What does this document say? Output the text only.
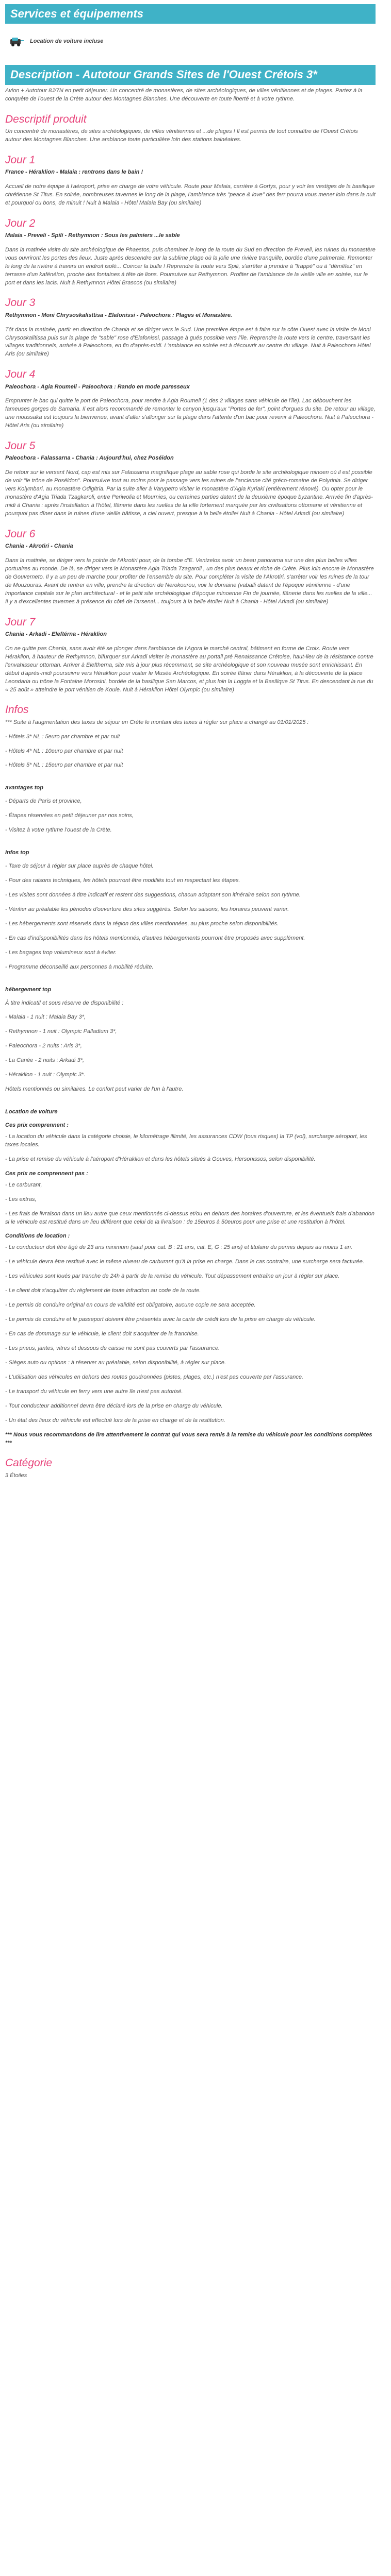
Services et équipements
Location de voiture incluse
Description - Autotour Grands Sites de l'Ouest Crétois 3*

Avion + Autotour 8J/7N en petit déjeuner. Un concentré de monastères, de sites archéologiques, de villes vénitiennes et de plages. Partez à la conquête de l'ouest de la Crète autour des Montagnes Blanches. Une découverte en toute liberté et à votre rythme.

Descriptif produit

Un concentré de monastères, de sites archéologiques, de villes vénitiennes et ...de plages ! Il est permis de tout connaître de l'Ouest Crétois autour des Montagnes Blanches. Une ambiance toute particulière loin des stations balnéaires.

Jour 1

France - Héraklion - Malaia : rentrons dans le bain !

Accueil de notre équipe à l'aéroport, prise en charge de votre véhicule. Route pour Malaia, carrière à Gortys, pour y voir les vestiges de la basilique chrétienne St Titus. En soirée, nombreuses tavernes le long de la plage, l'ambiance très "peace & love" des ferr pourra vous mener loin dans la nuit et pourquoi ou bons, de minuit ! Nuit à Malaia - Hôtel Malaia Bay (ou similaire)

Jour 2

Malaia - Preveli - Spili - Rethymnon : Sous les palmiers ...le sable

Dans la matinée visite du site archéologique de Phaestos, puis cheminer le long de la route du Sud en direction de Preveli, les ruines du monastère vous ouvriront les portes des lieux. Juste après descendre sur la sublime plage où la jolie une rivière tranquille, bordée d'une palmeraie. Remonter le long de la rivière à travers un endroit isolé... Coincer la bulle ! Reprendre la route vers Spili, s'arrêter à prendre à "frappé" ou à "démêlez" en terrasse d'un kafénéion, proche des fontaines à tête de lions. Poursuivre sur Rethymnon. Profiter de l'ambiance de la vieille ville en soirée, sur le port et dans les lacis. Nuit à Rethymnon Hôtel Brascos (ou similaire)

Jour 3

Rethymnon - Moni Chrysoskalisttisa - Elafonissi - Paleochora : Plages et Monastère.

Tôt dans la matinée, partir en direction de Chania et se diriger vers le Sud. Une première étape est à faire sur la côte Ouest avec la visite de Moni Chrysoskalitissa puis sur la plage de "sable" rose d'Elafonissi, passage à gués possible vers l'île. Reprendre la route vers le centre, traversant les villages traditionnels, arrivée à Paleochora, en fin d'après-midi. L'ambiance en soirée est à découvrir au centre du village. Nuit à Paleochora Hôtel Aris (ou similaire)

Jour 4

Paleochora - Agia Roumeli - Paleochora : Rando en mode paresseux

Emprunter le bac qui quitte le port de Paleochora, pour rendre à Agia Roumeli (1 des 2 villages sans véhicule de l'île). Lac débouchent les fameuses gorges de Samaria. Il est alors recommandé de remonter le canyon jusqu'aux "Portes de fer", point d'orgues du site. De retour au village, une moussaka est toujours la bienvenue, avant d'aller s'allonger sur la plage dans l'attente d'un bac pour revenir à Paleochora. Nuit à Paleochora - Hôtel Aris (ou similaire)

Jour 5

Paleochora - Falassarna - Chania : Aujourd'hui, chez Poséidon

De retour sur le versant Nord, cap est mis sur Falassarna magnifique plage au sable rose qui borde le site archéologique minoen où il est possible de voir "le trône de Poséidon". Poursuivre tout au moins pour le passage vers les ruines de l'ancienne cité gréco-romaine de Polyrinia. Se diriger vers Kolymbari, au monastère Odigitria. Par la suite aller à Varypetro visiter le monastère d'Agia Kyriaki (entièrement rénové). Ou opter pour le monastère d'Agia Triada Tzagkaroli, entre Periwolia et Mournies, ou certaines parties datent de la deuxième époque byzantine. Arrivée fin d'après-midi à Chania : après l'installation à l'hôtel, flânerie dans les ruelles de la ville fortement marquée par les civilisations ottomane et vénitienne et pourquoi pas dîner dans le ruines d'une vieille bâtisse, a ciel ouvert, presque à la belle étoile! Nuit à Chania - Hôtel Arkadi (ou similaire)

Jour 6

Chania - Akrotiri - Chania

Dans la matinée, se diriger vers la pointe de l'Akrotiri pour, de la tombe d'E. Venizelos avoir un beau panorama sur une des plus belles villes portuaires au monde. De là, se diriger vers le Monastère Agia Triada Tzagaroli , un des plus beaux et riche de Crète. Plus loin encore le Monastère de Gouverneto. Il y a un peu de marche pour profiter de l'ensemble du site. Pour compléter la visite de l'Akrotiri, s'arrêter voir les ruines de la tour de Mouzouras. Avant de rentrer en ville, prendre la direction de Nerokourou, voir le domaine (vaballi datant de l'époque vénitienne - d'une importance capitale sur le plan architectural - et le petit site archéologique d'époque minoenne Fin de journée, flânerie dans les ruelles de la ville... Il y a d'excellentes tavernes à présence du côté de l'arsenal... toujours à la belle étoile! Nuit à Chania - Hôtel Arkadi (ou similaire)

Jour 7

Chania - Arkadi - Eleftérna - Héraklion

On ne quitte pas Chania, sans avoir été se plonger dans l'ambiance de l'Agora le marché central, bâtiment en forme de Croix. Route vers Héraklion, à hauteur de Rethymnon, bifurquer sur Arkadi visiter le monastère au portail pré Renaissance Crétoise, haut-lieu de la résistance contre l'envahisseur ottoman. Arriver à Eleftherna, site mis à jour plus récemment, se site archéologique et son nouveau musée sont enrichissant. En début d'après-midi poursuivre vers Héraklion pour visiter le Musée Archéologique. En soirée flâner dans Héraklion, à la découverte de la place Leondaria ou trône la Fontaine Morosini, bordée de la basilique San Marcos, et plus loin la Loggia et la Basilique St Titus. En descendant la rue du « 25 août » atteindre le port vénitien de Koule. Nuit à Héraklion Hôtel Olympic (ou similaire)

Infos

*** Suite à l'augmentation des taxes de séjour en Crète le montant des taxes à régler sur place a changé au 01/01/2025 :

- Hôtels 3* NL : 5euro par chambre et par nuit

- Hôtels 4* NL : 10euro par chambre et par nuit

- Hôtels 5* NL : 15euro par chambre et par nuit

avantages top

- Départs de Paris et province,

- Étapes réservées en petit déjeuner par nos soins,

- Visitez à votre rythme l'ouest de la Crète.

Infos top

- Taxe de séjour à régler sur place auprès de chaque hôtel.

- Pour des raisons techniques, les hôtels pourront être modifiés tout en respectant les étapes.

- Les visites sont données à titre indicatif et restent des suggestions, chacun adaptant son itinéraire selon son rythme.

- Vérifier au préalable les périodes d'ouverture des sites suggérés. Selon les saisons, les horaires peuvent varier.

- Les hébergements sont réservés dans la région des villes mentionnées, au plus proche selon disponibilités.

- En cas d'indisponibilités dans les hôtels mentionnés, d'autres hébergements pourront être proposés avec supplément.

- Les bagages trop volumineux sont à éviter.

- Programme déconseillé aux personnes à mobilité réduite.

hébergement top

À titre indicatif et sous réserve de disponibilité :

- Malaia - 1 nuit : Malaia Bay 3*,

- Rethymnon - 1 nuit : Olympic Palladium 3*,

- Paleochora - 2 nuits : Aris 3*,

- La Canée - 2 nuits : Arkadi 3*,

- Héraklion - 1 nuit : Olympic 3*.

Hôtels mentionnés ou similaires. Le confort peut varier de l'un à l'autre.

Location de voiture

Ces prix comprennent :

- La location du véhicule dans la catégorie choisie, le kilométrage illimité, les assurances CDW (tous risques) la TP (vol), surcharge aéroport, les taxes locales.

- La prise et remise du véhicule à l'aéroport d'Héraklion et dans les hôtels situés à Gouves, Hersonissos, selon disponibilité.

Ces prix ne comprennent pas :

- Le carburant,

- Les extras,

- Les frais de livraison dans un lieu autre que ceux mentionnés ci-dessus et/ou en dehors des horaires d'ouverture, et les éventuels frais d'abandon si le véhicule est restitué dans un lieu différent que celui de la livraison : de 15euros à 50euros pour une prise et une restitution à l'hôtel.

Conditions de location :

- Le conducteur doit être âgé de 23 ans minimum (sauf pour cat. B : 21 ans, cat. E, G : 25 ans) et titulaire du permis depuis au moins 1 an.

- Le véhicule devra être restitué avec le même niveau de carburant qu'à la prise en charge. Dans le cas contraire, une surcharge sera facturée.

- Les véhicules sont loués par tranche de 24h à partir de la remise du véhicule. Tout dépassement entraîne un jour à régler sur place.

- Le client doit s'acquitter du règlement de toute infraction au code de la route.

- Le permis de conduire original en cours de validité est obligatoire, aucune copie ne sera acceptée.

- Le permis de conduire et le passeport doivent être présentés avec la carte de crédit lors de la prise en charge du véhicule.

- En cas de dommage sur le véhicule, le client doit s'acquitter de la franchise.

- Les pneus, jantes, vitres et dessous de caisse ne sont pas couverts par l'assurance.

- Sièges auto ou options : à réserver au préalable, selon disponibilité, à régler sur place.

- L'utilisation des véhicules en dehors des routes goudronnées (pistes, plages, etc.) n'est pas couverte par l'assurance.

- Le transport du véhicule en ferry vers une autre île n'est pas autorisé.

- Tout conducteur additionnel devra être déclaré lors de la prise en charge du véhicule.

- Un état des lieux du véhicule est effectué lors de la prise en charge et de la restitution.

*** Nous vous recommandons de lire attentivement le contrat qui vous sera remis à la remise du véhicule pour les conditions complètes ***

Catégorie

3 Étoiles
